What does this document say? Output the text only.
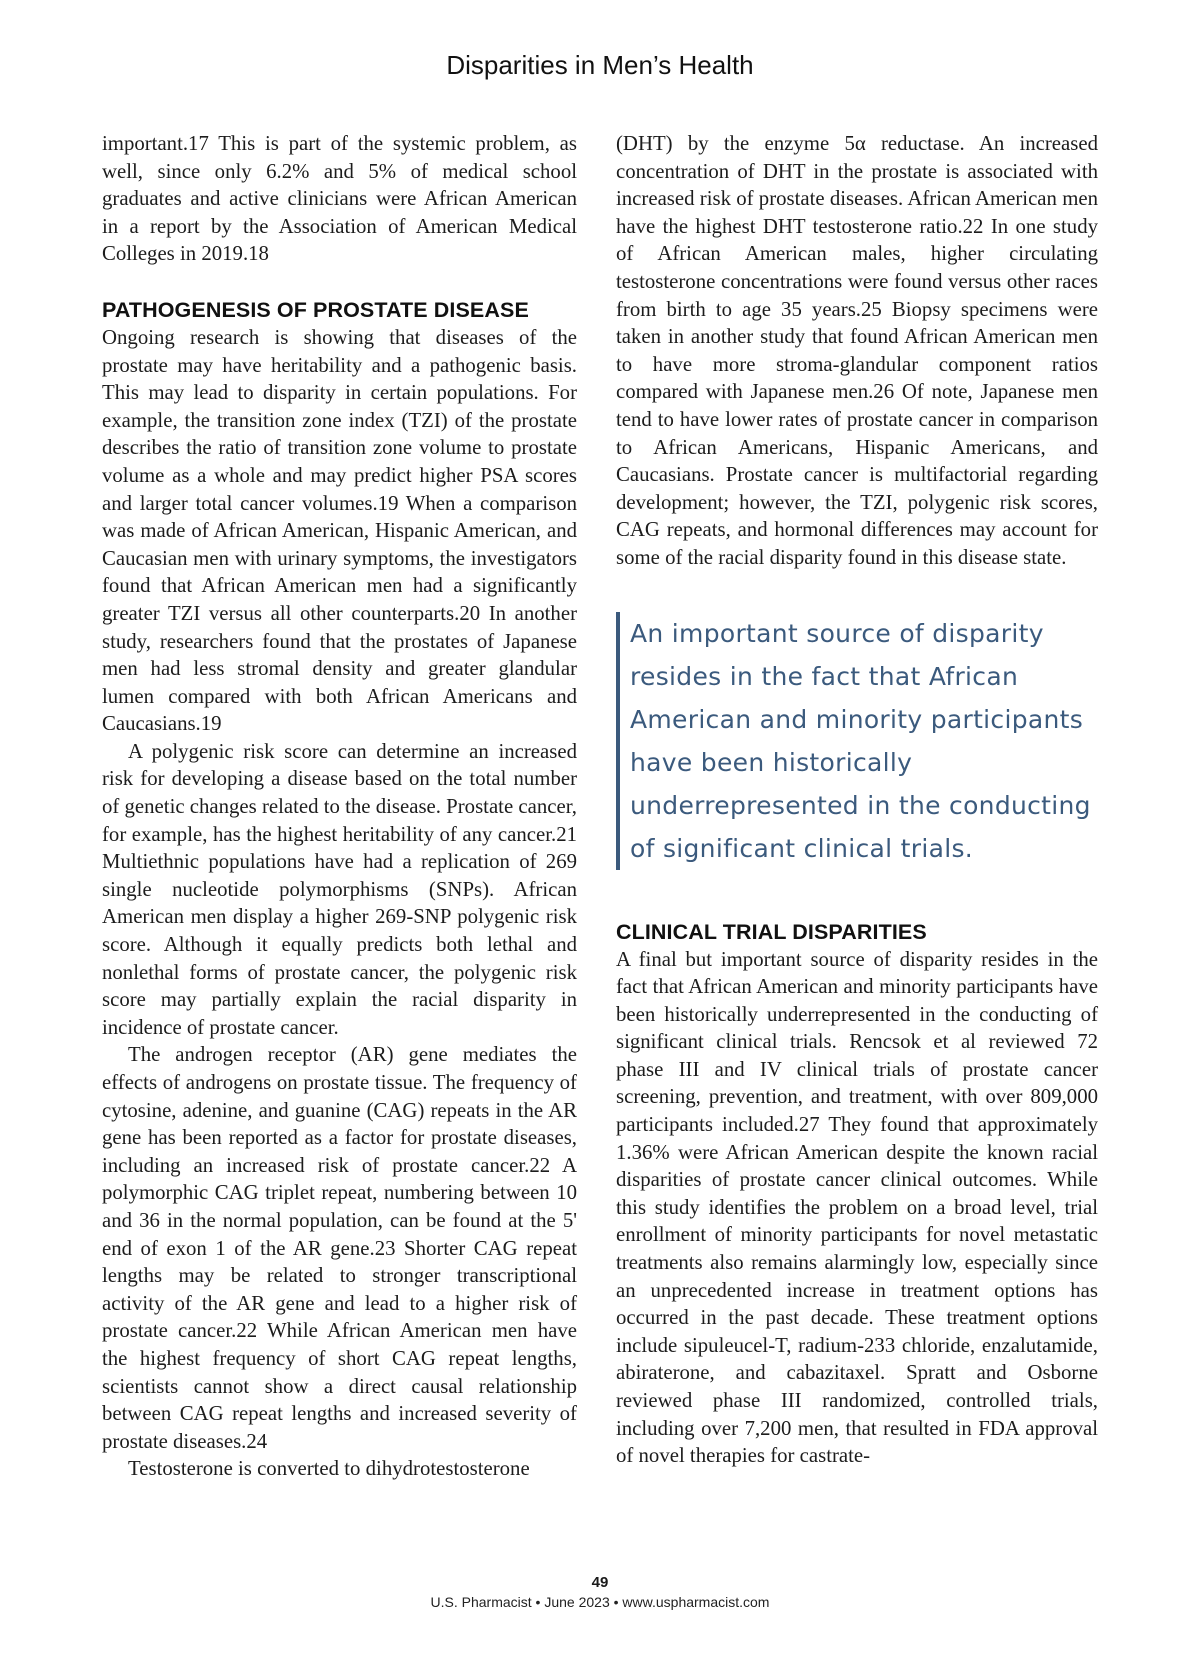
Disparities in Men’s Health

important.17 This is part of the systemic problem, as well, since only 6.2% and 5% of medical school graduates and active clinicians were African American in a report by the Association of American Medical Colleges in 2019.18

PATHOGENESIS OF PROSTATE DISEASE

Ongoing research is showing that diseases of the prostate may have heritability and a pathogenic basis. This may lead to disparity in certain populations. For example, the transition zone index (TZI) of the prostate describes the ratio of transition zone volume to prostate volume as a whole and may predict higher PSA scores and larger total cancer volumes.19 When a comparison was made of African American, Hispanic American, and Caucasian men with urinary symptoms, the investigators found that African American men had a significantly greater TZI versus all other counterparts.20 In another study, researchers found that the prostates of Japanese men had less stromal density and greater glandular lumen compared with both African Americans and Caucasians.19

A polygenic risk score can determine an increased risk for developing a disease based on the total number of genetic changes related to the disease. Prostate cancer, for example, has the highest heritability of any cancer.21 Multiethnic populations have had a replication of 269 single nucleotide polymorphisms (SNPs). African American men display a higher 269-SNP polygenic risk score. Although it equally predicts both lethal and nonlethal forms of prostate cancer, the polygenic risk score may partially explain the racial disparity in incidence of prostate cancer.

The androgen receptor (AR) gene mediates the effects of androgens on prostate tissue. The frequency of cytosine, adenine, and guanine (CAG) repeats in the AR gene has been reported as a factor for prostate diseases, including an increased risk of prostate cancer.22 A polymorphic CAG triplet repeat, numbering between 10 and 36 in the normal population, can be found at the 5' end of exon 1 of the AR gene.23 Shorter CAG repeat lengths may be related to stronger transcriptional activity of the AR gene and lead to a higher risk of prostate cancer.22 While African American men have the highest frequency of short CAG repeat lengths, scientists cannot show a direct causal relationship between CAG repeat lengths and increased severity of prostate diseases.24

Testosterone is converted to dihydrotestosterone

(DHT) by the enzyme 5α reductase. An increased concentration of DHT in the prostate is associated with increased risk of prostate diseases. African American men have the highest DHT testosterone ratio.22 In one study of African American males, higher circulating testosterone concentrations were found versus other races from birth to age 35 years.25 Biopsy specimens were taken in another study that found African American men to have more stroma-glandular component ratios compared with Japanese men.26 Of note, Japanese men tend to have lower rates of prostate cancer in comparison to African Americans, Hispanic Americans, and Caucasians. Prostate cancer is multifactorial regarding development; however, the TZI, polygenic risk scores, CAG repeats, and hormonal differences may account for some of the racial disparity found in this disease state.

An important source of disparity resides in the fact that African American and minority participants have been historically underrepresented in the conducting of significant clinical trials.
CLINICAL TRIAL DISPARITIES

A final but important source of disparity resides in the fact that African American and minority participants have been historically underrepresented in the conducting of significant clinical trials. Rencsok et al reviewed 72 phase III and IV clinical trials of prostate cancer screening, prevention, and treatment, with over 809,000 participants included.27 They found that approximately 1.36% were African American despite the known racial disparities of prostate cancer clinical outcomes. While this study identifies the problem on a broad level, trial enrollment of minority participants for novel metastatic treatments also remains alarmingly low, especially since an unprecedented increase in treatment options has occurred in the past decade. These treatment options include sipuleucel-T, radium-233 chloride, enzalutamide, abiraterone, and cabazitaxel. Spratt and Osborne reviewed phase III randomized, controlled trials, including over 7,200 men, that resulted in FDA approval of novel therapies for castrate-

49
U.S. Pharmacist • June 2023 • www.uspharmacist.com
